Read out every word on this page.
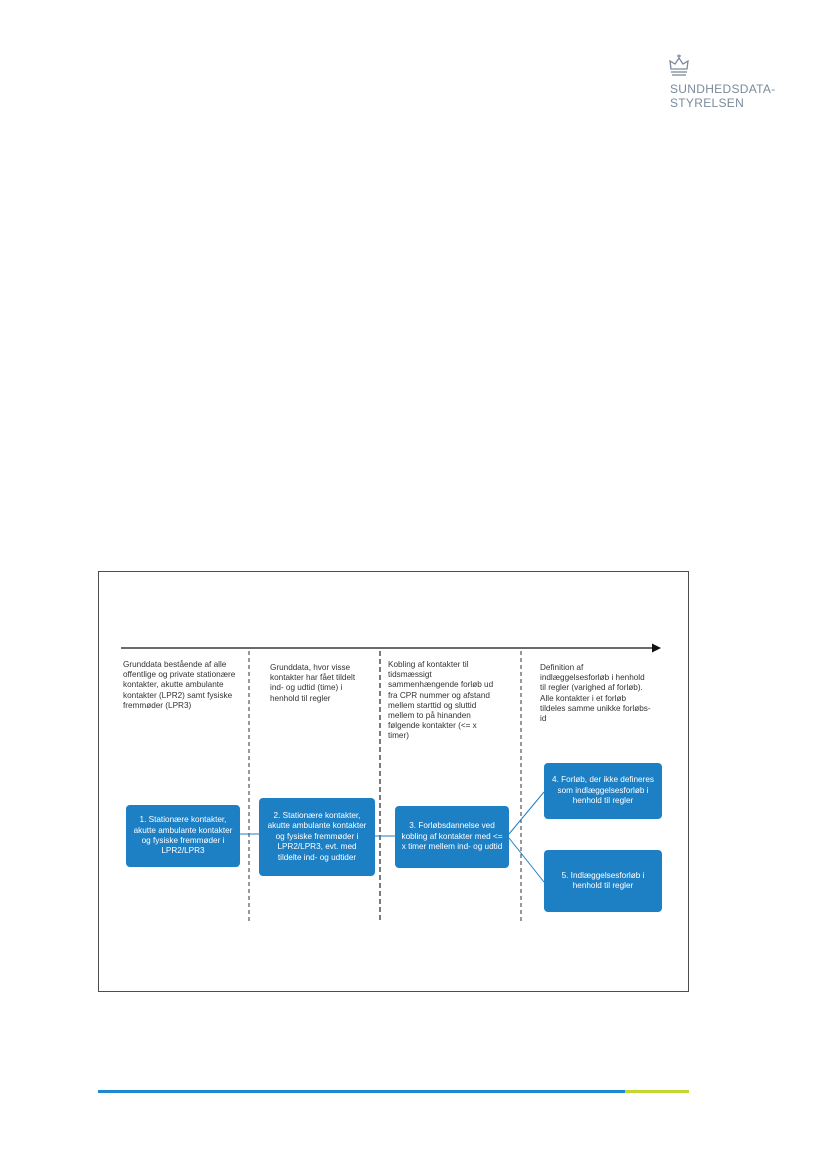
SUNDHEDSDATA-
STYRELSEN
Grunddata bestående af alle offentlige og private stationære kontakter, akutte ambulante kontakter (LPR2) samt fysiske fremmøder (LPR3)
Grunddata, hvor visse kontakter har fået tildelt ind- og udtid (time) i henhold til regler
Kobling af kontakter til tidsmæssigt sammenhængende forløb ud fra CPR nummer og afstand mellem starttid og sluttid mellem to på hinanden følgende kontakter (<= x timer)
Definition af indlæggelsesforløb i henhold til regler (varighed af forløb). Alle kontakter i et forløb tildeles samme unikke forløbs-id
1. Stationære kontakter, akutte ambulante kontakter og fysiske fremmøder i LPR2/LPR3
2. Stationære kontakter, akutte ambulante kontakter og fysiske fremmøder i LPR2/LPR3, evt. med tildelte ind- og udtider
3. Forløbsdannelse ved kobling af kontakter med <= x timer mellem ind- og udtid
4. Forløb, der ikke defineres som indlæggelsesforløb i henhold til regler
5. Indlæggelsesforløb i henhold til regler
